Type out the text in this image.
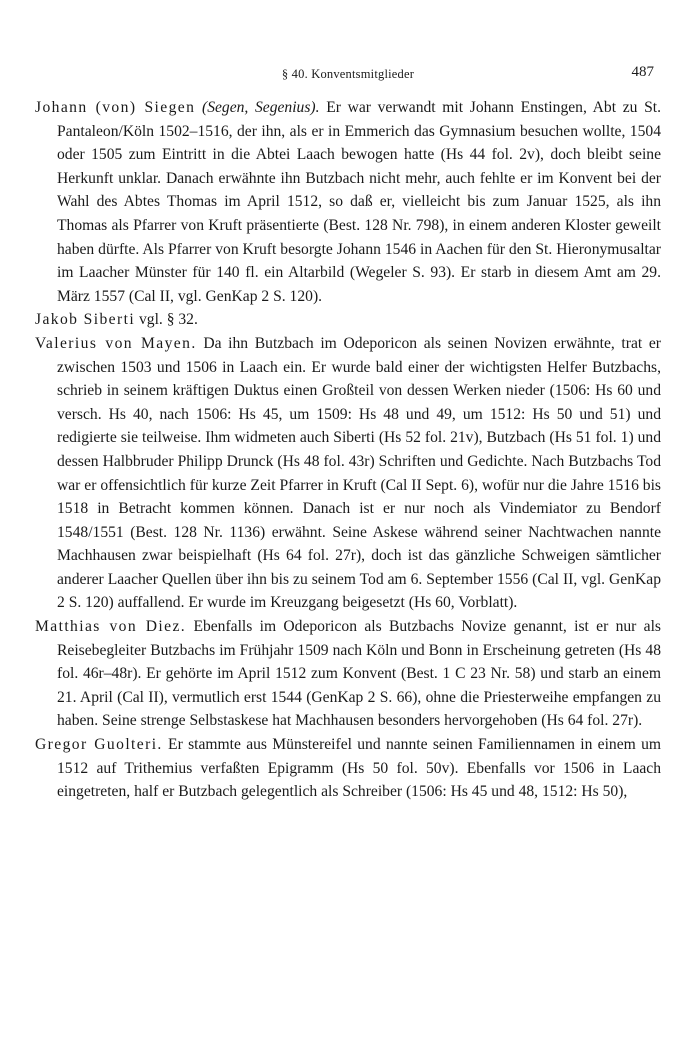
§ 40. Konventsmitglieder	487

Johann (von) Siegen (Segen, Segenius). Er war verwandt mit Johann Enstingen, Abt zu St. Pantaleon/Köln 1502–1516, der ihn, als er in Emmerich das Gymnasium besuchen wollte, 1504 oder 1505 zum Eintritt in die Abtei Laach bewogen hatte (Hs 44 fol. 2v), doch bleibt seine Herkunft unklar. Danach erwähnte ihn Butzbach nicht mehr, auch fehlte er im Konvent bei der Wahl des Abtes Thomas im April 1512, so daß er, vielleicht bis zum Januar 1525, als ihn Thomas als Pfarrer von Kruft präsentierte (Best. 128 Nr. 798), in einem anderen Kloster geweilt haben dürfte. Als Pfarrer von Kruft besorgte Johann 1546 in Aachen für den St. Hieronymusaltar im Laacher Münster für 140 fl. ein Altarbild (Wegeler S. 93). Er starb in diesem Amt am 29. März 1557 (Cal II, vgl. GenKap 2 S. 120).

Jakob Siberti vgl. § 32.

Valerius von Mayen. Da ihn Butzbach im Odeporicon als seinen Novizen erwähnte, trat er zwischen 1503 und 1506 in Laach ein. Er wurde bald einer der wichtigsten Helfer Butzbachs, schrieb in seinem kräftigen Duktus einen Großteil von dessen Werken nieder (1506: Hs 60 und versch. Hs 40, nach 1506: Hs 45, um 1509: Hs 48 und 49, um 1512: Hs 50 und 51) und redigierte sie teilweise. Ihm widmeten auch Siberti (Hs 52 fol. 21v), Butzbach (Hs 51 fol. 1) und dessen Halbbruder Philipp Drunck (Hs 48 fol. 43r) Schriften und Gedichte. Nach Butzbachs Tod war er offensichtlich für kurze Zeit Pfarrer in Kruft (Cal II Sept. 6), wofür nur die Jahre 1516 bis 1518 in Betracht kommen können. Danach ist er nur noch als Vindemiator zu Bendorf 1548/1551 (Best. 128 Nr. 1136) erwähnt. Seine Askese während seiner Nachtwachen nannte Machhausen zwar beispielhaft (Hs 64 fol. 27r), doch ist das gänzliche Schweigen sämtlicher anderer Laacher Quellen über ihn bis zu seinem Tod am 6. September 1556 (Cal II, vgl. GenKap 2 S. 120) auffallend. Er wurde im Kreuzgang beigesetzt (Hs 60, Vorblatt).

Matthias von Diez. Ebenfalls im Odeporicon als Butzbachs Novize genannt, ist er nur als Reisebegleiter Butzbachs im Frühjahr 1509 nach Köln und Bonn in Erscheinung getreten (Hs 48 fol. 46r–48r). Er gehörte im April 1512 zum Konvent (Best. 1 C 23 Nr. 58) und starb an einem 21. April (Cal II), vermutlich erst 1544 (GenKap 2 S. 66), ohne die Priesterweihe empfangen zu haben. Seine strenge Selbstaskese hat Machhausen besonders hervorgehoben (Hs 64 fol. 27r).

Gregor Guolteri. Er stammte aus Münstereifel und nannte seinen Familiennamen in einem um 1512 auf Trithemius verfaßten Epigramm (Hs 50 fol. 50v). Ebenfalls vor 1506 in Laach eingetreten, half er Butzbach gelegentlich als Schreiber (1506: Hs 45 und 48, 1512: Hs 50),
